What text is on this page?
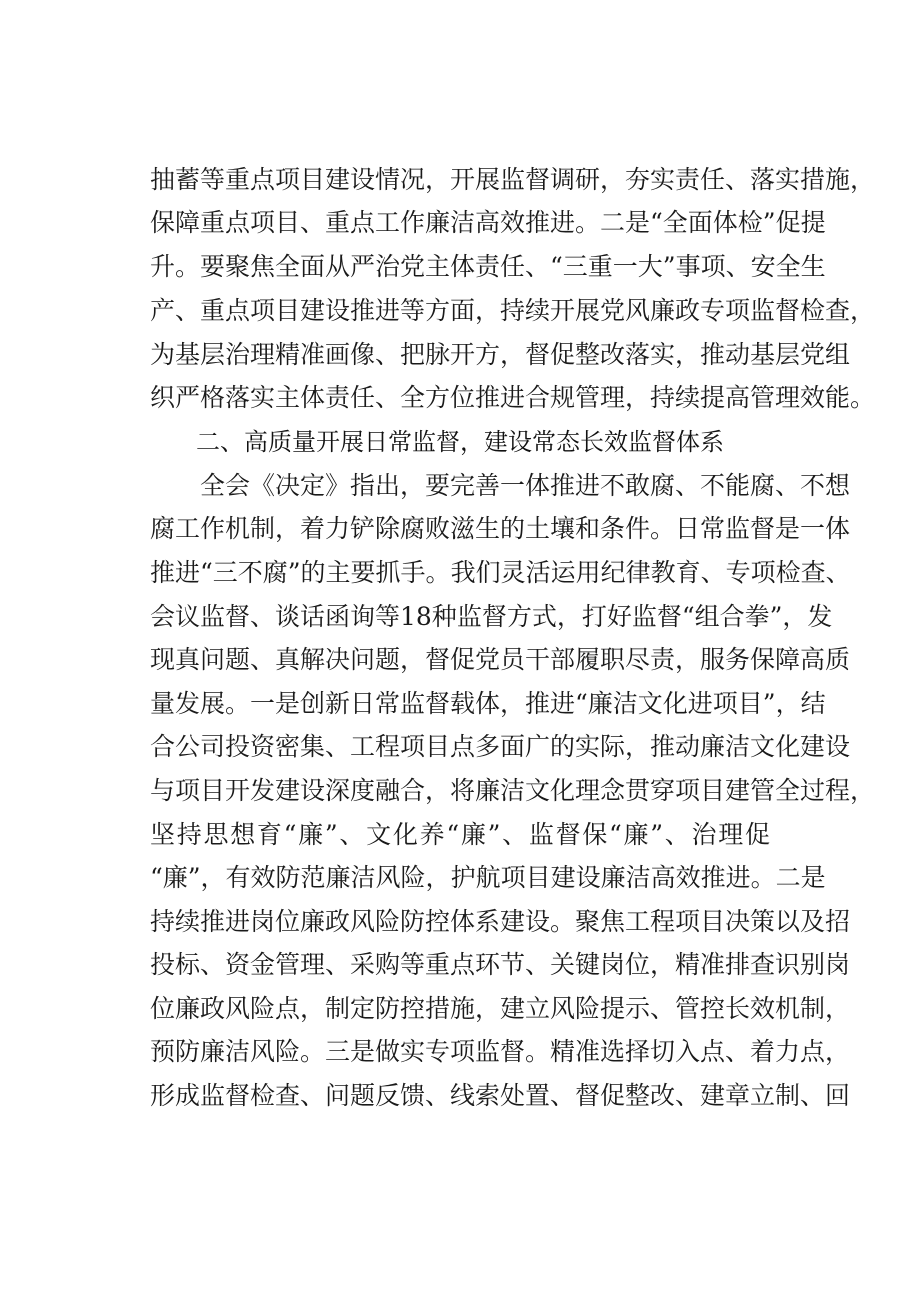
抽蓄等重点项目建设情况，开展监督调研，夯实责任、落实措施，
保障重点项目、重点工作廉洁高效推进。二是“全面体检”促提
升。要聚焦全面从严治党主体责任、“三重一大”事项、安全生
产、重点项目建设推进等方面，持续开展党风廉政专项监督检查，
为基层治理精准画像、把脉开方，督促整改落实，推动基层党组
织严格落实主体责任、全方位推进合规管理，持续提高管理效能。
二、高质量开展日常监督，建设常态长效监督体系
全会《决定》指出，要完善一体推进不敢腐、不能腐、不想
腐工作机制，着力铲除腐败滋生的土壤和条件。日常监督是一体
推进“三不腐”的主要抓手。我们灵活运用纪律教育、专项检查、
会议监督、谈话函询等18种监督方式，打好监督“组合拳”，发
现真问题、真解决问题，督促党员干部履职尽责，服务保障高质
量发展。一是创新日常监督载体，推进“廉洁文化进项目”，结
合公司投资密集、工程项目点多面广的实际，推动廉洁文化建设
与项目开发建设深度融合，将廉洁文化理念贯穿项目建管全过程，
坚持思想育“廉”、文化养“廉”、监督保“廉”、治理促
“廉”，有效防范廉洁风险，护航项目建设廉洁高效推进。二是
持续推进岗位廉政风险防控体系建设。聚焦工程项目决策以及招
投标、资金管理、采购等重点环节、关键岗位，精准排查识别岗
位廉政风险点，制定防控措施，建立风险提示、管控长效机制，
预防廉洁风险。三是做实专项监督。精准选择切入点、着力点，
形成监督检查、问题反馈、线索处置、督促整改、建章立制、回
